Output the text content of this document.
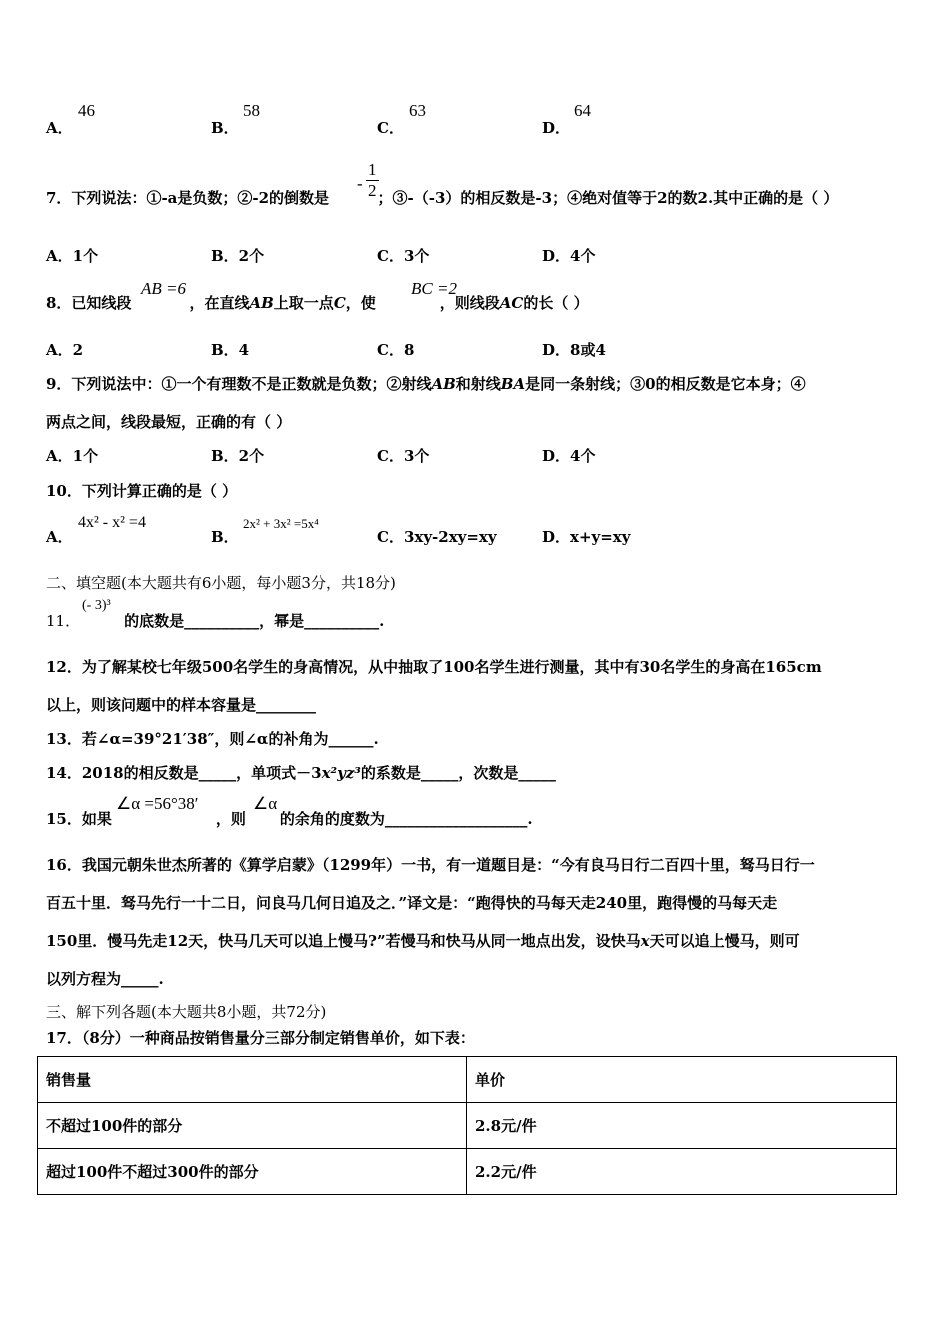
A．
46
B．
58
C．
63
D．
64
7．下列说法：①-a是负数；②-2的倒数是	；③-（-3）的相反数是-3；④绝对值等于2的数2.其中正确的是（ ）
- $\frac{1}{2}$
A．1个	B．2个	C．3个	D．4个
8．已知线段	，在直线AB上取一点C，使	，则线段AC的长（ ）
AB =6	BC =2
A．2	B．4	C．8	D．8或4
9．下列说法中：①一个有理数不是正数就是负数；②射线AB和射线BA是同一条射线；③0的相反数是它本身；④
两点之间，线段最短，正确的有（ ）
A．1个	B．2个	C．3个	D．4个
10．下列计算正确的是（ ）
A．
4x² - x² =4
B．
2x² + 3x² =5x⁴
C．3xy-2xy=xy	D．x+y=xy
二、填空题(本大题共有6小题，每小题3分，共18分)
11．	的底数是__________，幂是__________.
(- 3)³
12．为了解某校七年级500名学生的身高情况，从中抽取了100名学生进行测量，其中有30名学生的身高在165cm
以上，则该问题中的样本容量是________
13．若∠α=39°21′38″，则∠α的补角为______.
14．2018的相反数是_____，单项式－3x²yz³的系数是_____，次数是_____
15．如果	，则 的余角的度数为___________________.
∠α =56°38′	∠α
16．我国元朝朱世杰所著的《算学启蒙》（1299年）一书，有一道题目是：“今有良马日行二百四十里，驽马日行一
百五十里．驽马先行一十二日，问良马几何日追及之．”译文是：“跑得快的马每天走240里，跑得慢的马每天走
150里．慢马先走12天，快马几天可以追上慢马?”若慢马和快马从同一地点出发，设快马x天可以追上慢马，则可
以列方程为_____.
三、解下列各题(本大题共8小题，共72分)
17．（8分）一种商品按销售量分三部分制定销售单价，如下表：
销售量	单价
不超过100件的部分	2.8元/件
超过100件不超过300件的部分	2.2元/件
